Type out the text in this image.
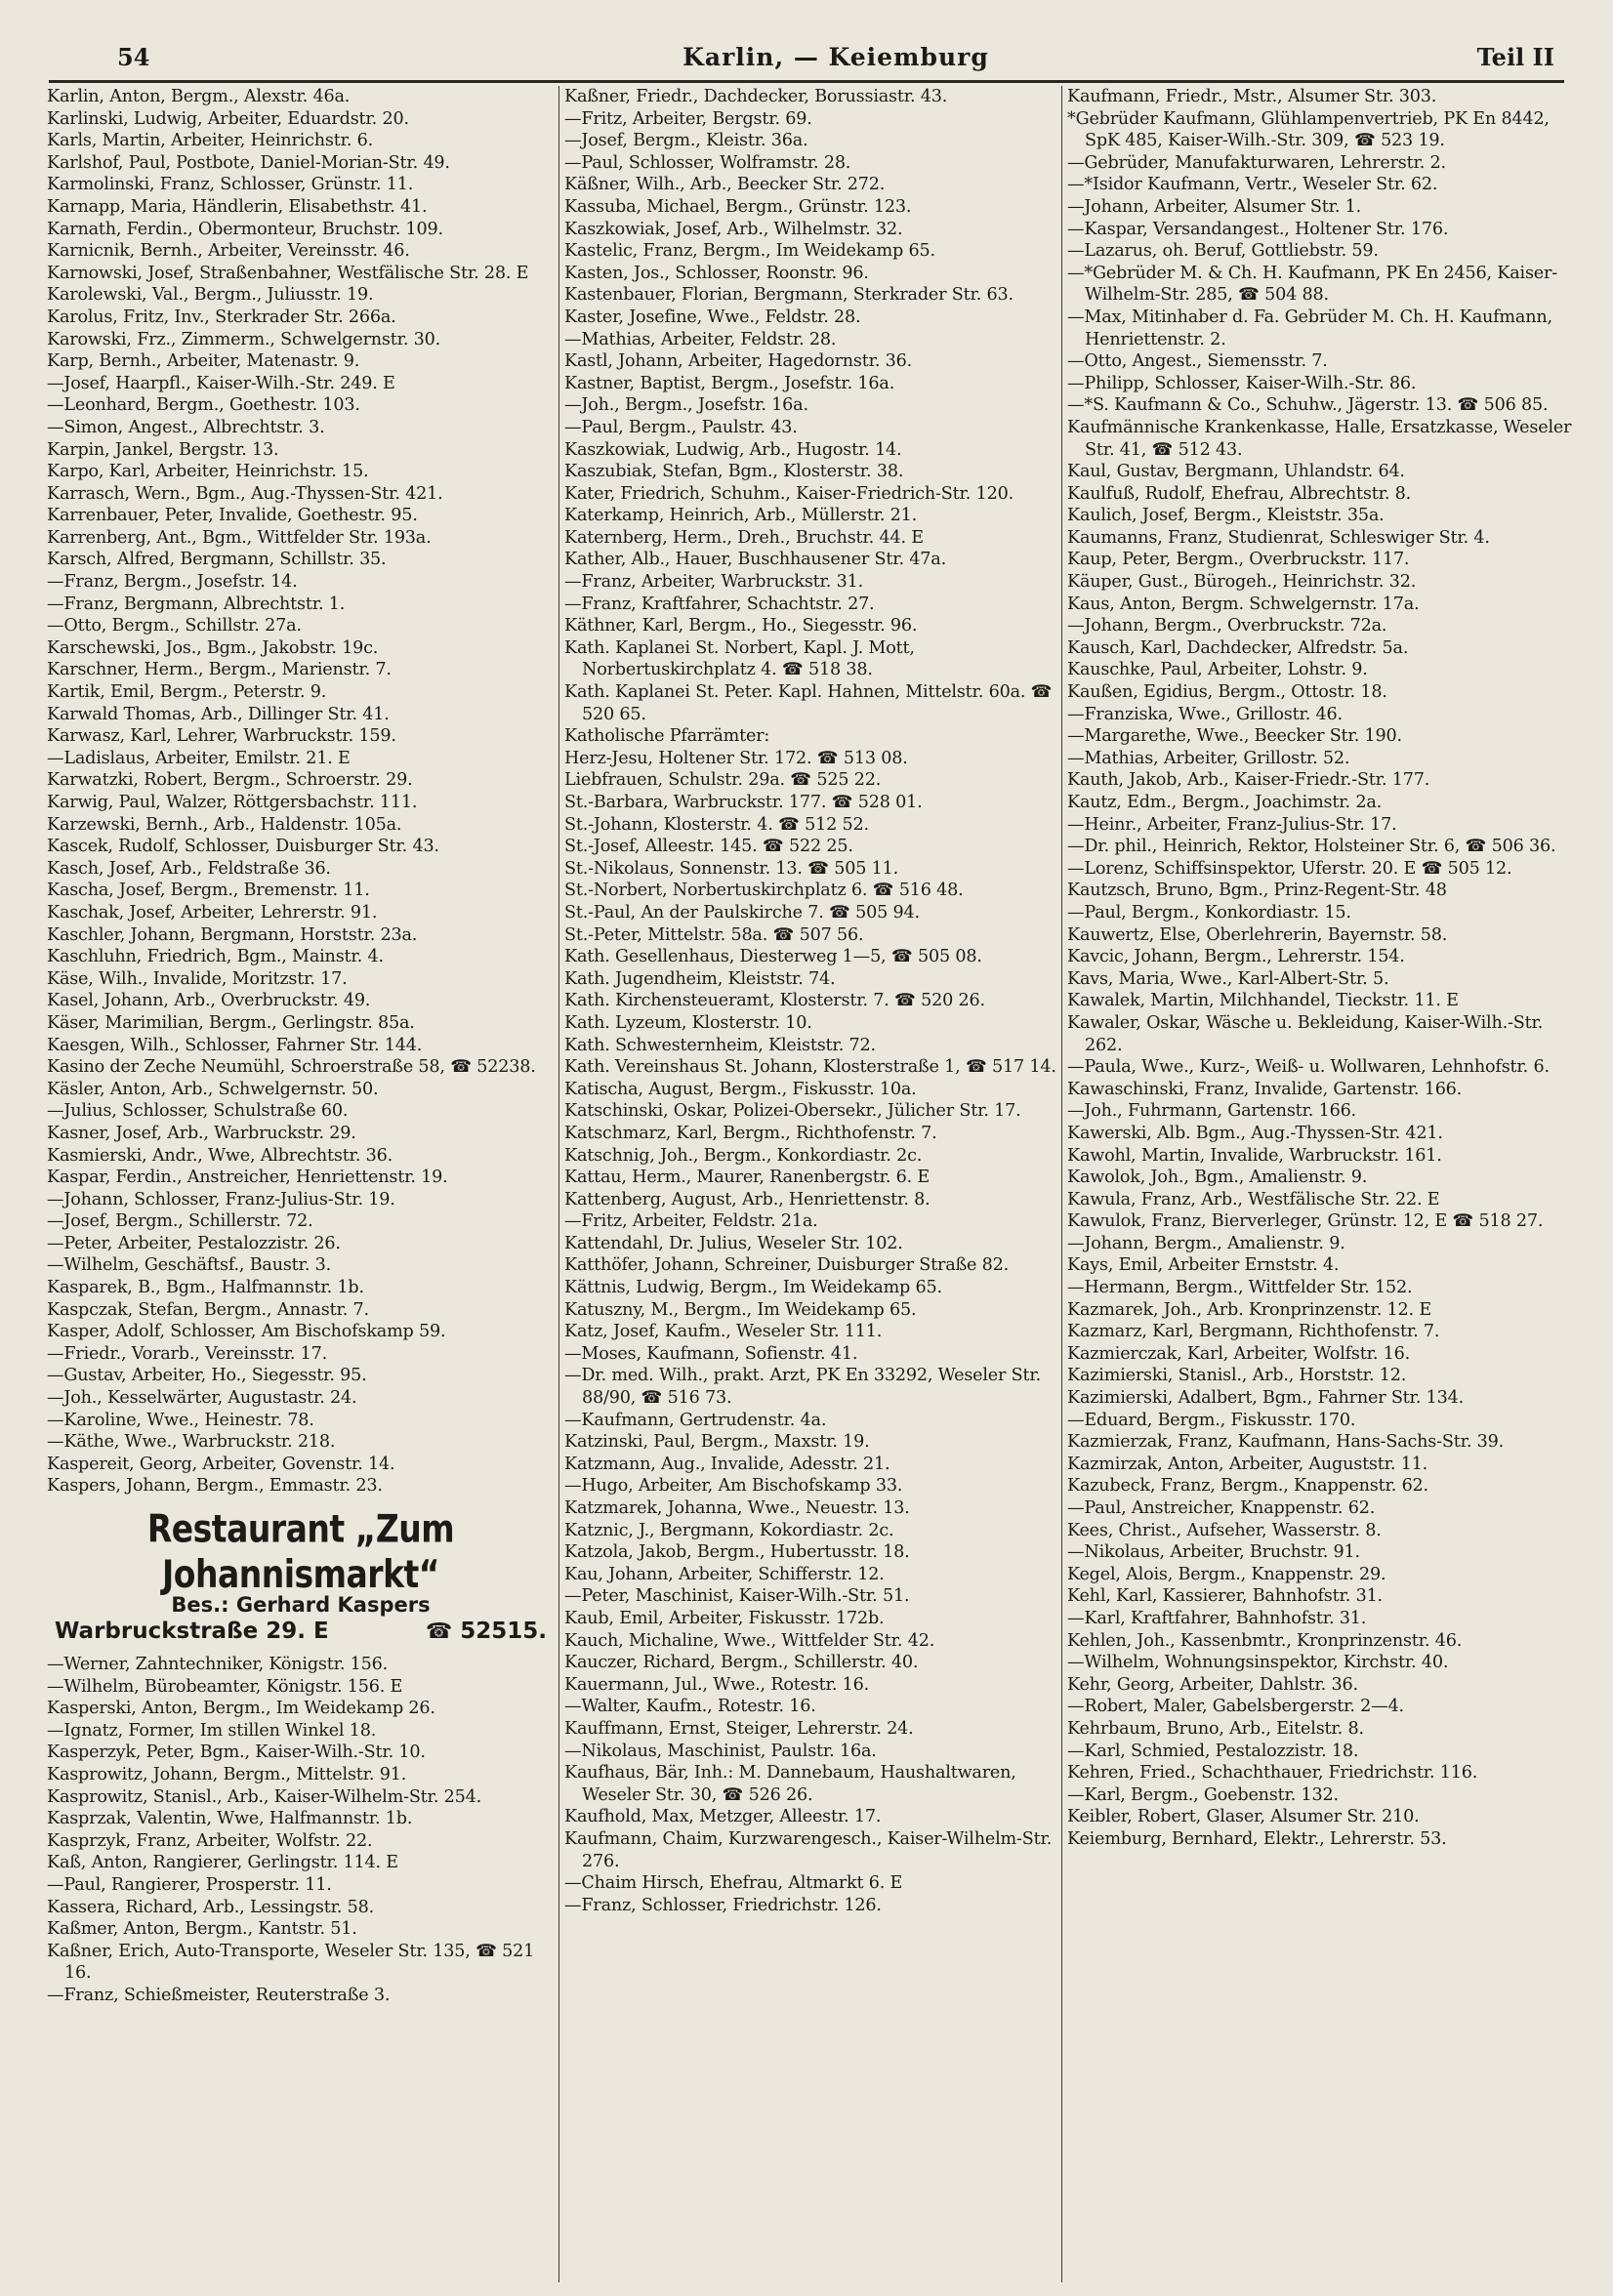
54	Karlin, — Keiemburg	Teil II
Karlin, Anton, Bergm., Alexstr. 46a.
Karlinski, Ludwig, Arbeiter, Eduardstr. 20.
Karls, Martin, Arbeiter, Heinrichstr. 6.
Karlshof, Paul, Postbote, Daniel-Morian-Str. 49.
Karmolinski, Franz, Schlosser, Grünstr. 11.
Karnapp, Maria, Händlerin, Elisabethstr. 41.
Karnath, Ferdin., Obermonteur, Bruchstr. 109.
Karnicnik, Bernh., Arbeiter, Vereinsstr. 46.
Karnowski, Josef, Straßenbahner, Westfälische Str. 28. E
Karolewski, Val., Bergm., Juliusstr. 19.
Karolus, Fritz, Inv., Sterkrader Str. 266a.
Karowski, Frz., Zimmerm., Schwelgernstr. 30.
Karp, Bernh., Arbeiter, Matenastr. 9.
—Josef, Haarpfl., Kaiser-Wilh.-Str. 249. E
—Leonhard, Bergm., Goethestr. 103.
—Simon, Angest., Albrechtstr. 3.
Karpin, Jankel, Bergstr. 13.
Karpo, Karl, Arbeiter, Heinrichstr. 15.
Karrasch, Wern., Bgm., Aug.-Thyssen-Str. 421.
Karrenbauer, Peter, Invalide, Goethestr. 95.
Karrenberg, Ant., Bgm., Wittfelder Str. 193a.
Karsch, Alfred, Bergmann, Schillstr. 35.
—Franz, Bergm., Josefstr. 14.
—Franz, Bergmann, Albrechtstr. 1.
—Otto, Bergm., Schillstr. 27a.
Karschewski, Jos., Bgm., Jakobstr. 19c.
Karschner, Herm., Bergm., Marienstr. 7.
Kartik, Emil, Bergm., Peterstr. 9.
Karwald Thomas, Arb., Dillinger Str. 41.
Karwasz, Karl, Lehrer, Warbruckstr. 159.
—Ladislaus, Arbeiter, Emilstr. 21. E
Karwatzki, Robert, Bergm., Schroerstr. 29.
Karwig, Paul, Walzer, Röttgersbachstr. 111.
Karzewski, Bernh., Arb., Haldenstr. 105a.
Kascek, Rudolf, Schlosser, Duisburger Str. 43.
Kasch, Josef, Arb., Feldstraße 36.
Kascha, Josef, Bergm., Bremenstr. 11.
Kaschak, Josef, Arbeiter, Lehrerstr. 91.
Kaschler, Johann, Bergmann, Horststr. 23a.
Kaschluhn, Friedrich, Bgm., Mainstr. 4.
Käse, Wilh., Invalide, Moritzstr. 17.
Kasel, Johann, Arb., Overbruckstr. 49.
Käser, Marimilian, Bergm., Gerlingstr. 85a.
Kaesgen, Wilh., Schlosser, Fahrner Str. 144.
Kasino der Zeche Neumühl, Schroerstraße 58, ☎ 52238.
Käsler, Anton, Arb., Schwelgernstr. 50.
—Julius, Schlosser, Schulstraße 60.
Kasner, Josef, Arb., Warbruckstr. 29.
Kasmierski, Andr., Wwe, Albrechtstr. 36.
Kaspar, Ferdin., Anstreicher, Henriettenstr. 19.
—Johann, Schlosser, Franz-Julius-Str. 19.
—Josef, Bergm., Schillerstr. 72.
—Peter, Arbeiter, Pestalozzistr. 26.
—Wilhelm, Geschäftsf., Baustr. 3.
Kasparek, B., Bgm., Halfmannstr. 1b.
Kaspczak, Stefan, Bergm., Annastr. 7.
Kasper, Adolf, Schlosser, Am Bischofskamp 59.
—Friedr., Vorarb., Vereinsstr. 17.
—Gustav, Arbeiter, Ho., Siegesstr. 95.
—Joh., Kesselwärter, Augustastr. 24.
—Karoline, Wwe., Heinestr. 78.
—Käthe, Wwe., Warbruckstr. 218.
Kaspereit, Georg, Arbeiter, Govenstr. 14.
Kaspers, Johann, Bergm., Emmastr. 23.
Restaurant „Zum Johannismarkt“
Bes.: Gerhard Kaspers
Warbruckstraße 29. E	☎ 52515.
—Werner, Zahntechniker, Königstr. 156.
—Wilhelm, Bürobeamter, Königstr. 156. E
Kasperski, Anton, Bergm., Im Weidekamp 26.
—Ignatz, Former, Im stillen Winkel 18.
Kasperzyk, Peter, Bgm., Kaiser-Wilh.-Str. 10.
Kasprowitz, Johann, Bergm., Mittelstr. 91.
Kasprowitz, Stanisl., Arb., Kaiser-Wilhelm-Str. 254.
Kasprzak, Valentin, Wwe, Halfmannstr. 1b.
Kasprzyk, Franz, Arbeiter, Wolfstr. 22.
Kaß, Anton, Rangierer, Gerlingstr. 114. E
—Paul, Rangierer, Prosperstr. 11.
Kassera, Richard, Arb., Lessingstr. 58.
Kaßmer, Anton, Bergm., Kantstr. 51.
Kaßner, Erich, Auto-Transporte, Weseler Str. 135, ☎ 521 16.
—Franz, Schießmeister, Reuterstraße 3.
Kaßner, Friedr., Dachdecker, Borussiastr. 43.
—Fritz, Arbeiter, Bergstr. 69.
—Josef, Bergm., Kleistr. 36a.
—Paul, Schlosser, Wolframstr. 28.
Käßner, Wilh., Arb., Beecker Str. 272.
Kassuba, Michael, Bergm., Grünstr. 123.
Kaszkowiak, Josef, Arb., Wilhelmstr. 32.
Kastelic, Franz, Bergm., Im Weidekamp 65.
Kasten, Jos., Schlosser, Roonstr. 96.
Kastenbauer, Florian, Bergmann, Sterkrader Str. 63.
Kaster, Josefine, Wwe., Feldstr. 28.
—Mathias, Arbeiter, Feldstr. 28.
Kastl, Johann, Arbeiter, Hagedornstr. 36.
Kastner, Baptist, Bergm., Josefstr. 16a.
—Joh., Bergm., Josefstr. 16a.
—Paul, Bergm., Paulstr. 43.
Kaszkowiak, Ludwig, Arb., Hugostr. 14.
Kaszubiak, Stefan, Bgm., Klosterstr. 38.
Kater, Friedrich, Schuhm., Kaiser-Friedrich-Str. 120.
Katerkamp, Heinrich, Arb., Müllerstr. 21.
Katernberg, Herm., Dreh., Bruchstr. 44. E
Kather, Alb., Hauer, Buschhausener Str. 47a.
—Franz, Arbeiter, Warbruckstr. 31.
—Franz, Kraftfahrer, Schachtstr. 27.
Käthner, Karl, Bergm., Ho., Siegesstr. 96.
Kath. Kaplanei St. Norbert, Kapl. J. Mott, Norbertuskirchplatz 4. ☎ 518 38.
Kath. Kaplanei St. Peter. Kapl. Hahnen, Mittelstr. 60a. ☎ 520 65.
Katholische Pfarrämter:
Herz-Jesu, Holtener Str. 172. ☎ 513 08.
Liebfrauen, Schulstr. 29a. ☎ 525 22.
St.-Barbara, Warbruckstr. 177. ☎ 528 01.
St.-Johann, Klosterstr. 4. ☎ 512 52.
St.-Josef, Alleestr. 145. ☎ 522 25.
St.-Nikolaus, Sonnenstr. 13. ☎ 505 11.
St.-Norbert, Norbertuskirchplatz 6. ☎ 516 48.
St.-Paul, An der Paulskirche 7. ☎ 505 94.
St.-Peter, Mittelstr. 58a. ☎ 507 56.
Kath. Gesellenhaus, Diesterweg 1—5, ☎ 505 08.
Kath. Jugendheim, Kleiststr. 74.
Kath. Kirchensteueramt, Klosterstr. 7. ☎ 520 26.
Kath. Lyzeum, Klosterstr. 10.
Kath. Schwesternheim, Kleiststr. 72.
Kath. Vereinshaus St. Johann, Klosterstraße 1, ☎ 517 14.
Katischa, August, Bergm., Fiskusstr. 10a.
Katschinski, Oskar, Polizei-Obersekr., Jülicher Str. 17.
Katschmarz, Karl, Bergm., Richthofenstr. 7.
Katschnig, Joh., Bergm., Konkordiastr. 2c.
Kattau, Herm., Maurer, Ranenbergstr. 6. E
Kattenberg, August, Arb., Henriettenstr. 8.
—Fritz, Arbeiter, Feldstr. 21a.
Kattendahl, Dr. Julius, Weseler Str. 102.
Katthöfer, Johann, Schreiner, Duisburger Straße 82.
Kättnis, Ludwig, Bergm., Im Weidekamp 65.
Katuszny, M., Bergm., Im Weidekamp 65.
Katz, Josef, Kaufm., Weseler Str. 111.
—Moses, Kaufmann, Sofienstr. 41.
—Dr. med. Wilh., prakt. Arzt, PK En 33292, Weseler Str. 88/90, ☎ 516 73.
—Kaufmann, Gertrudenstr. 4a.
Katzinski, Paul, Bergm., Maxstr. 19.
Katzmann, Aug., Invalide, Adesstr. 21.
—Hugo, Arbeiter, Am Bischofskamp 33.
Katzmarek, Johanna, Wwe., Neuestr. 13.
Katznic, J., Bergmann, Kokordiastr. 2c.
Katzola, Jakob, Bergm., Hubertusstr. 18.
Kau, Johann, Arbeiter, Schifferstr. 12.
—Peter, Maschinist, Kaiser-Wilh.-Str. 51.
Kaub, Emil, Arbeiter, Fiskusstr. 172b.
Kauch, Michaline, Wwe., Wittfelder Str. 42.
Kauczer, Richard, Bergm., Schillerstr. 40.
Kauermann, Jul., Wwe., Rotestr. 16.
—Walter, Kaufm., Rotestr. 16.
Kauffmann, Ernst, Steiger, Lehrerstr. 24.
—Nikolaus, Maschinist, Paulstr. 16a.
Kaufhaus, Bär, Inh.: M. Dannebaum, Haushaltwaren, Weseler Str. 30, ☎ 526 26.
Kaufhold, Max, Metzger, Alleestr. 17.
Kaufmann, Chaim, Kurzwarengesch., Kaiser-Wilhelm-Str. 276.
—Chaim Hirsch, Ehefrau, Altmarkt 6. E
—Franz, Schlosser, Friedrichstr. 126.
Kaufmann, Friedr., Mstr., Alsumer Str. 303.
*Gebrüder Kaufmann, Glühlampenvertrieb, PK En 8442, SpK 485, Kaiser-Wilh.-Str. 309, ☎ 523 19.
—Gebrüder, Manufakturwaren, Lehrerstr. 2.
—*Isidor Kaufmann, Vertr., Weseler Str. 62.
—Johann, Arbeiter, Alsumer Str. 1.
—Kaspar, Versandangest., Holtener Str. 176.
—Lazarus, oh. Beruf, Gottliebstr. 59.
—*Gebrüder M. & Ch. H. Kaufmann, PK En 2456, Kaiser-Wilhelm-Str. 285, ☎ 504 88.
—Max, Mitinhaber d. Fa. Gebrüder M. Ch. H. Kaufmann, Henriettenstr. 2.
—Otto, Angest., Siemensstr. 7.
—Philipp, Schlosser, Kaiser-Wilh.-Str. 86.
—*S. Kaufmann & Co., Schuhw., Jägerstr. 13. ☎ 506 85.
Kaufmännische Krankenkasse, Halle, Ersatzkasse, Weseler Str. 41, ☎ 512 43.
Kaul, Gustav, Bergmann, Uhlandstr. 64.
Kaulfuß, Rudolf, Ehefrau, Albrechtstr. 8.
Kaulich, Josef, Bergm., Kleiststr. 35a.
Kaumanns, Franz, Studienrat, Schleswiger Str. 4.
Kaup, Peter, Bergm., Overbruckstr. 117.
Käuper, Gust., Bürogeh., Heinrichstr. 32.
Kaus, Anton, Bergm. Schwelgernstr. 17a.
—Johann, Bergm., Overbruckstr. 72a.
Kausch, Karl, Dachdecker, Alfredstr. 5a.
Kauschke, Paul, Arbeiter, Lohstr. 9.
Kaußen, Egidius, Bergm., Ottostr. 18.
—Franziska, Wwe., Grillostr. 46.
—Margarethe, Wwe., Beecker Str. 190.
—Mathias, Arbeiter, Grillostr. 52.
Kauth, Jakob, Arb., Kaiser-Friedr.-Str. 177.
Kautz, Edm., Bergm., Joachimstr. 2a.
—Heinr., Arbeiter, Franz-Julius-Str. 17.
—Dr. phil., Heinrich, Rektor, Holsteiner Str. 6, ☎ 506 36.
—Lorenz, Schiffsinspektor, Uferstr. 20. E ☎ 505 12.
Kautzsch, Bruno, Bgm., Prinz-Regent-Str. 48
—Paul, Bergm., Konkordiastr. 15.
Kauwertz, Else, Oberlehrerin, Bayernstr. 58.
Kavcic, Johann, Bergm., Lehrerstr. 154.
Kavs, Maria, Wwe., Karl-Albert-Str. 5.
Kawalek, Martin, Milchhandel, Tieckstr. 11. E
Kawaler, Oskar, Wäsche u. Bekleidung, Kaiser-Wilh.-Str. 262.
—Paula, Wwe., Kurz-, Weiß- u. Wollwaren, Lehnhofstr. 6.
Kawaschinski, Franz, Invalide, Gartenstr. 166.
—Joh., Fuhrmann, Gartenstr. 166.
Kawerski, Alb. Bgm., Aug.-Thyssen-Str. 421.
Kawohl, Martin, Invalide, Warbruckstr. 161.
Kawolok, Joh., Bgm., Amalienstr. 9.
Kawula, Franz, Arb., Westfälische Str. 22. E
Kawulok, Franz, Bierverleger, Grünstr. 12, E ☎ 518 27.
—Johann, Bergm., Amalienstr. 9.
Kays, Emil, Arbeiter Ernststr. 4.
—Hermann, Bergm., Wittfelder Str. 152.
Kazmarek, Joh., Arb. Kronprinzenstr. 12. E
Kazmarz, Karl, Bergmann, Richthofenstr. 7.
Kazmierczak, Karl, Arbeiter, Wolfstr. 16.
Kazimierski, Stanisl., Arb., Horststr. 12.
Kazimierski, Adalbert, Bgm., Fahrner Str. 134.
—Eduard, Bergm., Fiskusstr. 170.
Kazmierzak, Franz, Kaufmann, Hans-Sachs-Str. 39.
Kazmirzak, Anton, Arbeiter, Auguststr. 11.
Kazubeck, Franz, Bergm., Knappenstr. 62.
—Paul, Anstreicher, Knappenstr. 62.
Kees, Christ., Aufseher, Wasserstr. 8.
—Nikolaus, Arbeiter, Bruchstr. 91.
Kegel, Alois, Bergm., Knappenstr. 29.
Kehl, Karl, Kassierer, Bahnhofstr. 31.
—Karl, Kraftfahrer, Bahnhofstr. 31.
Kehlen, Joh., Kassenbmtr., Kronprinzenstr. 46.
—Wilhelm, Wohnungsinspektor, Kirchstr. 40.
Kehr, Georg, Arbeiter, Dahlstr. 36.
—Robert, Maler, Gabelsbergerstr. 2—4.
Kehrbaum, Bruno, Arb., Eitelstr. 8.
—Karl, Schmied, Pestalozzistr. 18.
Kehren, Fried., Schachthauer, Friedrichstr. 116.
—Karl, Bergm., Goebenstr. 132.
Keibler, Robert, Glaser, Alsumer Str. 210.
Keiemburg, Bernhard, Elektr., Lehrerstr. 53.
